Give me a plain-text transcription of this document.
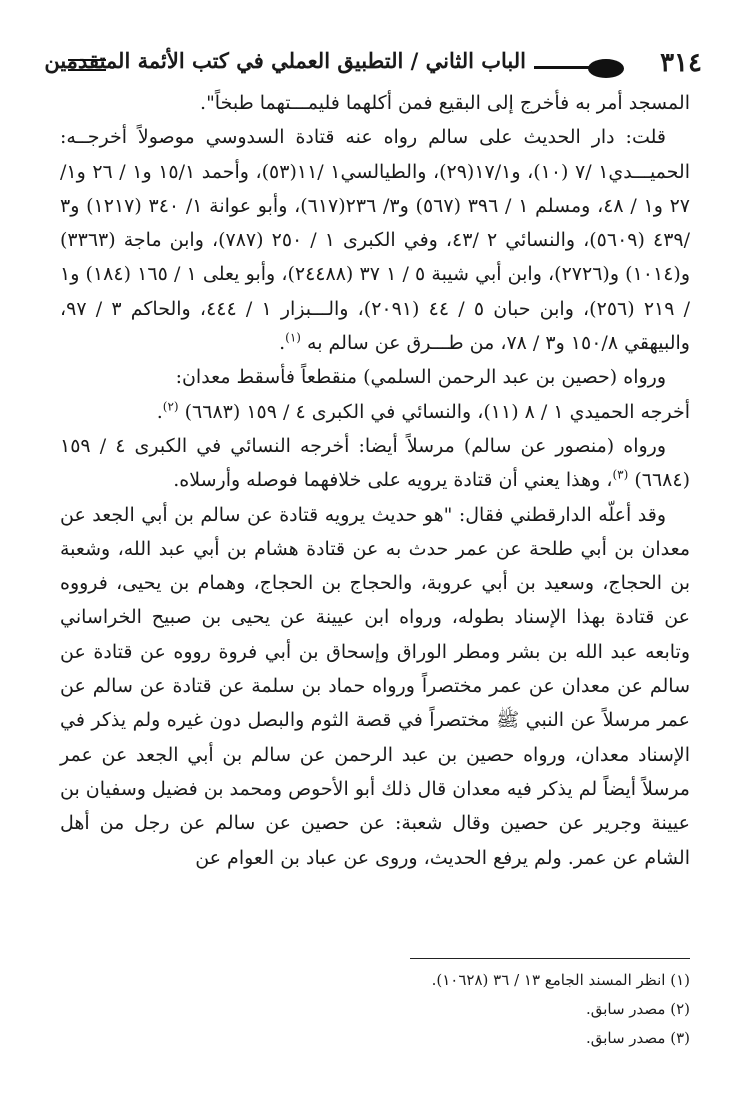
٣١٤
الباب الثاني / التطبيق العملي في كتب الأئمة المتقدمين

المسجد أمر به فأخرج إلى البقيع فمن أكلهما فليمـــتهما طبخاً".

قلت: دار الحديث على سالم رواه عنه قتادة السدوسي موصولاً أخرجــه: الحميـــدي١ /٧ (١٠)، و١٧/١(٢٩)، والطيالسي١ /١١(٥٣)، وأحمد ١٥/١ و١ / ٢٦ و١/ ٢٧ و١ / ٤٨، ومسلم ١ / ٣٩٦ (٥٦٧) و٣/ ٢٣٦(٦١٧)، وأبو عوانة ١/ ٣٤٠ (١٢١٧) و٣ /٤٣٩ (٥٦٠٩)، والنسائي ٢ /٤٣، وفي الكبرى ١ / ٢٥٠ (٧٨٧)، وابن ماجة (٣٣٦٣) و(١٠١٤) و(٢٧٢٦)، وابن أبي شيبة ٥ / ١ ٣٧ (٢٤٤٨٨)، وأبو يعلى ١ / ١٦٥ (١٨٤) و١ / ٢١٩ (٢٥٦)، وابن حبان ٥ / ٤٤ (٢٠٩١)، والـــبزار ١ / ٤٤٤، والحاكم ٣ / ٩٧، والبيهقي ١٥٠/٨ و٣ / ٧٨، من طـــرق عن سالم به $^{(١)}$.

ورواه (حصين بن عبد الرحمن السلمي) منقطعاً فأسقط معدان:

أخرجه الحميدي ١ / ٨ (١١)، والنسائي في الكبرى ٤ / ١٥٩ (٦٦٨٣) $^{(٢)}$.

ورواه (منصور عن سالم) مرسلاً أيضا: أخرجه النسائي في الكبرى ٤ / ١٥٩ (٦٦٨٤) $^{(٣)}$، وهذا يعني أن قتادة يرويه على خلافهما فوصله وأرسلاه.

وقد أعلّه الدارقطني فقال: "هو حديث يرويه قتادة عن سالم بن أبي الجعد عن معدان بن أبي طلحة عن عمر حدث به عن قتادة هشام بن أبي عبد الله، وشعبة بن الحجاج، وسعيد بن أبي عروبة، والحجاج بن الحجاج، وهمام بن يحيى، فرووه عن قتادة بهذا الإسناد بطوله، ورواه ابن عيينة عن يحيى بن صبيح الخراساني وتابعه عبد الله بن بشر ومطر الوراق وإسحاق بن أبي فروة رووه عن قتادة عن سالم عن معدان عن عمر مختصراً ورواه حماد بن سلمة عن قتادة عن سالم عن عمر مرسلاً عن النبي ﷺ مختصراً في قصة الثوم والبصل دون غيره ولم يذكر في الإسناد معدان، ورواه حصين بن عبد الرحمن عن سالم بن أبي الجعد عن عمر مرسلاً أيضاً لم يذكر فيه معدان قال ذلك أبو الأحوص ومحمد بن فضيل وسفيان بن عيينة وجرير عن حصين وقال شعبة: عن حصين عن سالم عن رجل من أهل الشام عن عمر. ولم يرفع الحديث، وروى عن عباد بن العوام عن

(١) انظر المسند الجامع ١٣ / ٣٦ (١٠٦٢٨).

(٢) مصدر سابق.

(٣) مصدر سابق.
